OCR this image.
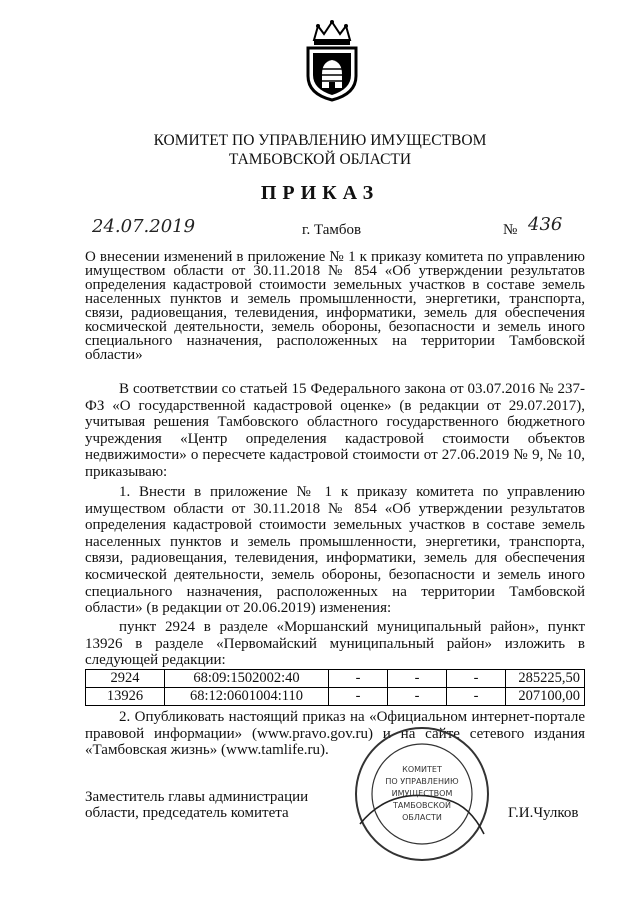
КОМИТЕТ ПО УПРАВЛЕНИЮ ИМУЩЕСТВОМ
ТАМБОВСКОЙ ОБЛАСТИ
ПРИКАЗ
24.07.2019	г. Тамбов	№ 436
О внесении изменений в приложение № 1 к приказу комитета по управлению имуществом области от 30.11.2018 № 854 «Об утверждении результатов определения кадастровой стоимости земельных участков в составе земель населенных пунктов и земель промышленности, энергетики, транспорта, связи, радиовещания, телевидения, информатики, земель для обеспечения космической деятельности, земель обороны, безопасности и земель иного специального назначения, расположенных на территории Тамбовской области»
В соответствии со статьей 15 Федерального закона от 03.07.2016 № 237-ФЗ «О государственной кадастровой оценке» (в редакции от 29.07.2017), учитывая решения Тамбовского областного государственного бюджетного учреждения «Центр определения кадастровой стоимости объектов недвижимости» о пересчете кадастровой стоимости от 27.06.2019 № 9, № 10, приказываю:
1. Внести в приложение № 1 к приказу комитета по управлению имуществом области от 30.11.2018 № 854 «Об утверждении результатов определения кадастровой стоимости земельных участков в составе земель населенных пунктов и земель промышленности, энергетики, транспорта, связи, радиовещания, телевидения, информатики, земель для обеспечения космической деятельности, земель обороны, безопасности и земель иного специального назначения, расположенных на территории Тамбовской области» (в редакции от 20.06.2019) изменения:
пункт 2924 в разделе «Моршанский муниципальный район», пункт 13926 в разделе «Первомайский муниципальный район» изложить в следующей редакции:
2924	68:09:1502002:40	-	-	-	285225,50
13926	68:12:0601004:110	-	-	-	207100,00
2. Опубликовать настоящий приказ на «Официальном интернет-портале правовой информации» (www.pravo.gov.ru) и на сайте сетевого издания «Тамбовская жизнь» (www.tamlife.ru).
КОМИТЕТ
ПО УПРАВЛЕНИЮ
ИМУЩЕСТВОМ
ТАМБОВСКОЙ
ОБЛАСТИ
Заместитель главы администрации
области, председатель комитета	Г.И.Чулков
